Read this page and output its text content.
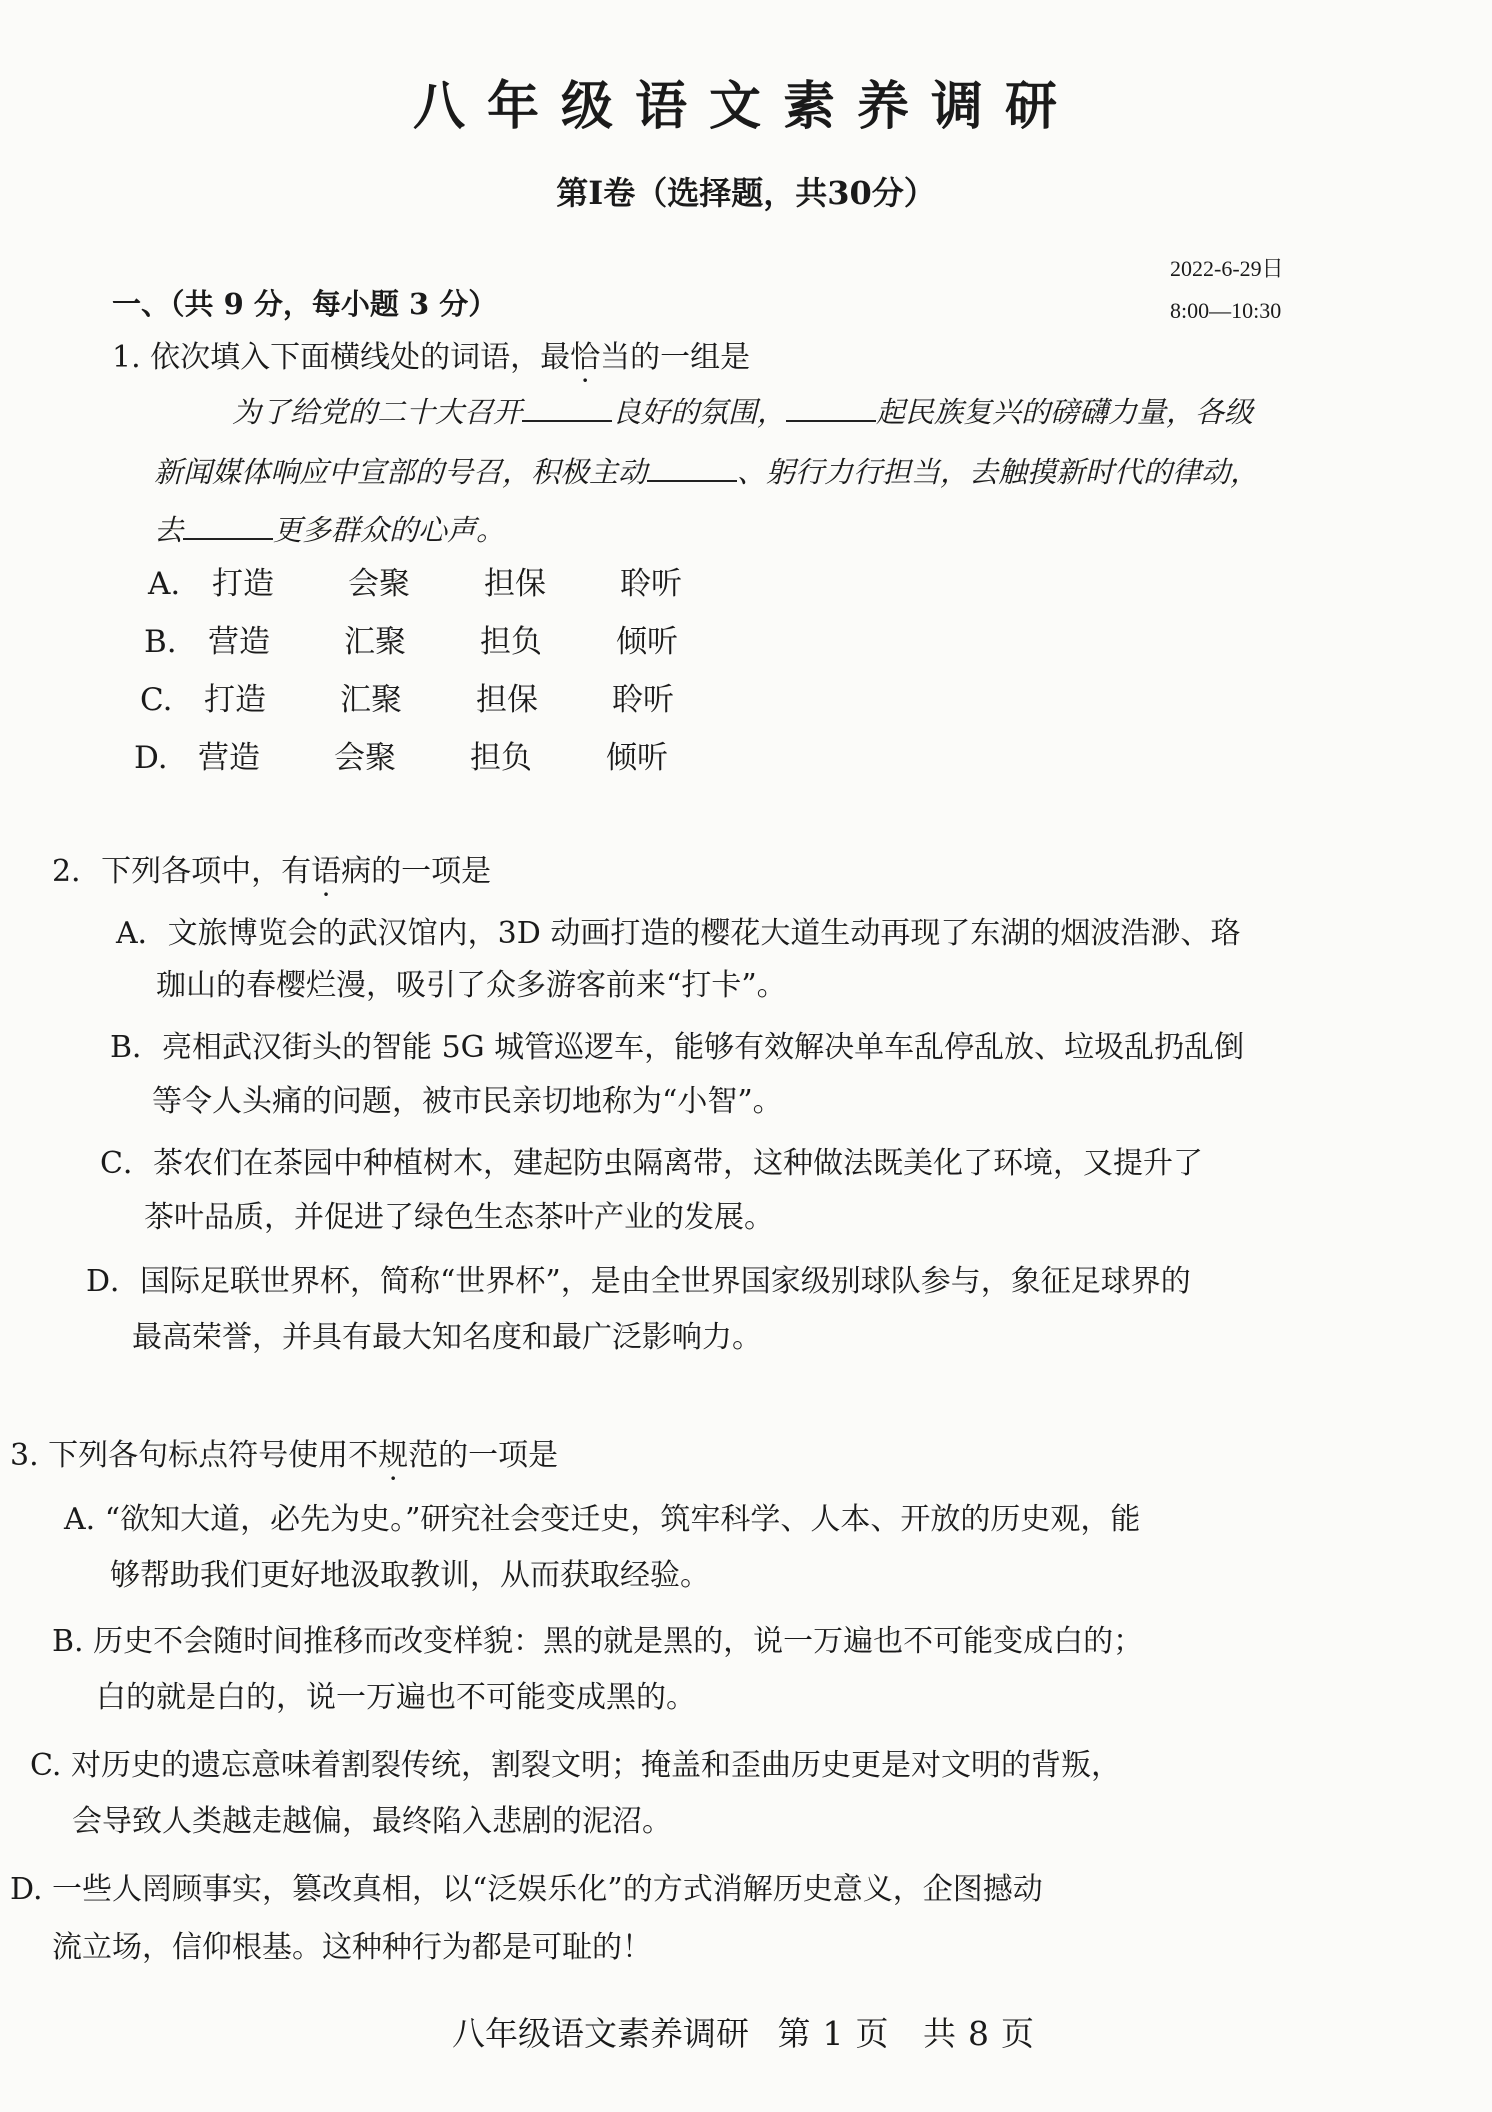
八年级语文素养调研
第Ⅰ卷（选择题，共30分）
2022-6-29日
8:00—10:30
一、（共 9 分，每小题 3 分）
1. 依次填入下面横线处的词语，最恰当的一组是
为了给党的二十大召开	良好的氛围，	起民族复兴的磅礴力量，各级
新闻媒体响应中宣部的号召，积极主动	、躬行力行担当，去触摸新时代的律动，
去	更多群众的心声。
A. 打造 会聚 担保 聆听
B. 营造 汇聚 担负 倾听
C. 打造 汇聚 担保 聆听
D. 营造 会聚 担负 倾听
2．下列各项中，有语病的一项是
A．文旅博览会的武汉馆内，3D 动画打造的樱花大道生动再现了东湖的烟波浩渺、珞
珈山的春樱烂漫，吸引了众多游客前来“打卡”。
B．亮相武汉街头的智能 5G 城管巡逻车，能够有效解决单车乱停乱放、垃圾乱扔乱倒
等令人头痛的问题，被市民亲切地称为“小智”。
C．茶农们在茶园中种植树木，建起防虫隔离带，这种做法既美化了环境，又提升了
茶叶品质，并促进了绿色生态茶叶产业的发展。
D．国际足联世界杯，简称“世界杯”，是由全世界国家级别球队参与，象征足球界的
最高荣誉，并具有最大知名度和最广泛影响力。
3. 下列各句标点符号使用不规范的一项是
A. “欲知大道，必先为史。”研究社会变迁史，筑牢科学、人本、开放的历史观，能
够帮助我们更好地汲取教训，从而获取经验。
B. 历史不会随时间推移而改变样貌：黑的就是黑的，说一万遍也不可能变成白的；
白的就是白的，说一万遍也不可能变成黑的。
C. 对历史的遗忘意味着割裂传统，割裂文明；掩盖和歪曲历史更是对文明的背叛，
会导致人类越走越偏，最终陷入悲剧的泥沼。
D. 一些人罔顾事实，篡改真相，以“泛娱乐化”的方式消解历史意义，企图撼动
流立场，信仰根基。这种种行为都是可耻的！
八年级语文素养调研 第 1 页 共 8 页
